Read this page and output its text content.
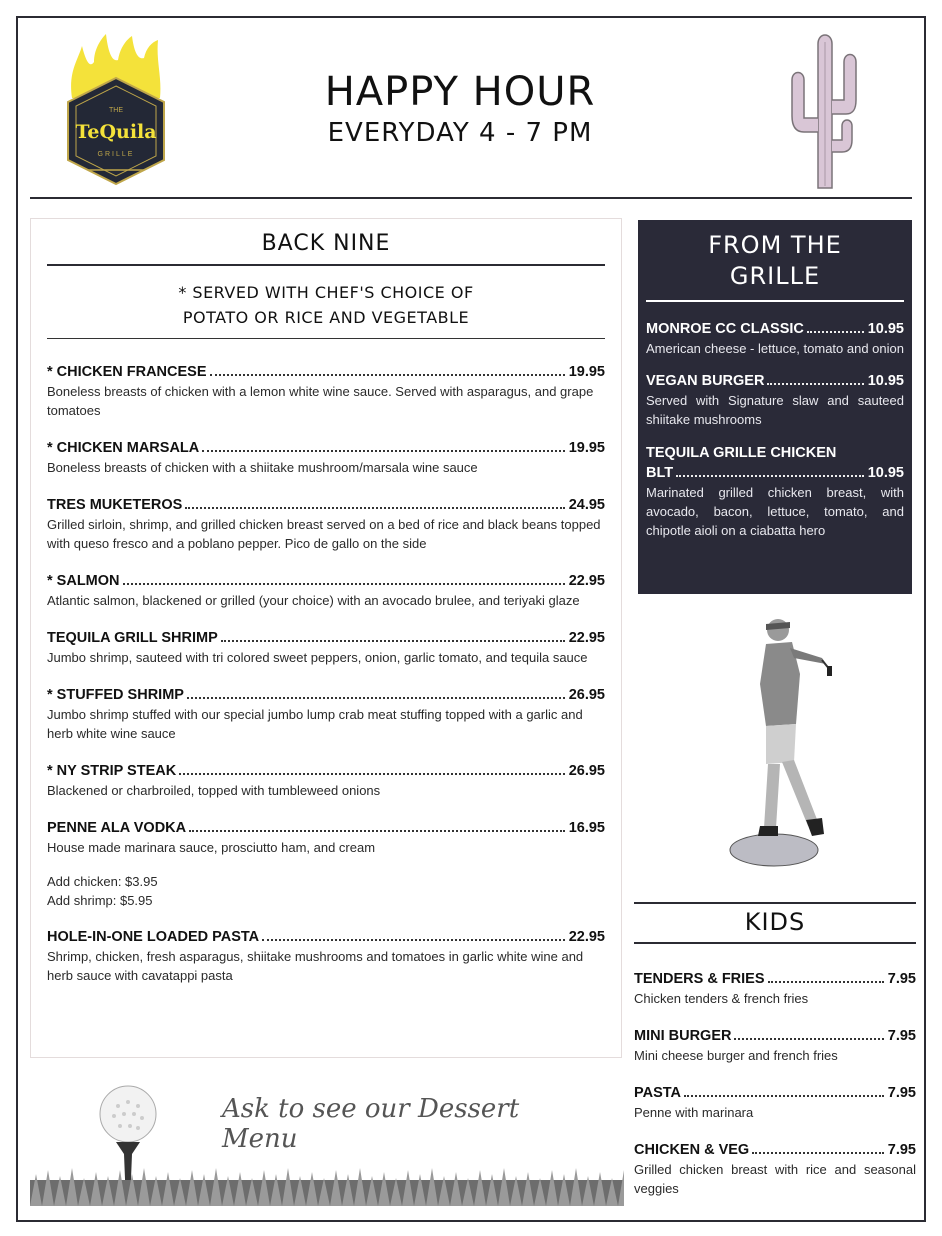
THE
TeQuila
GRILLE
HAPPY HOUR
EVERYDAY 4 - 7 PM
BACK NINE
* SERVED WITH CHEF'S CHOICE OF
POTATO OR RICE AND VEGETABLE
* CHICKEN FRANCESE	19.95
Boneless breasts of chicken with a lemon white wine sauce. Served with asparagus, and grape tomatoes
* CHICKEN MARSALA	19.95
Boneless breasts of chicken with a shiitake mushroom/marsala wine sauce
TRES MUKETEROS	24.95
Grilled sirloin, shrimp, and grilled chicken breast served on a bed of rice and black beans topped with queso fresco and a poblano pepper. Pico de gallo on the side
* SALMON	22.95
Atlantic salmon, blackened or grilled (your choice) with an avocado brulee, and teriyaki glaze
TEQUILA GRILL SHRIMP	22.95
Jumbo shrimp, sauteed with tri colored sweet peppers, onion, garlic tomato, and tequila sauce
* STUFFED SHRIMP	26.95
Jumbo shrimp stuffed with our special jumbo lump crab meat stuffing topped with a garlic and herb white wine sauce
* NY STRIP STEAK	26.95
Blackened or charbroiled, topped with tumbleweed onions
PENNE ALA VODKA	16.95
House made marinara sauce, prosciutto ham, and cream
Add chicken: $3.95
Add shrimp: $5.95
HOLE-IN-ONE LOADED PASTA	22.95
Shrimp, chicken, fresh asparagus, shiitake mushrooms and tomatoes in garlic white wine and herb sauce with cavatappi pasta
Ask to see our Dessert Menu
FROM THE
GRILLE
MONROE CC CLASSIC	10.95
American cheese - lettuce, tomato and onion
VEGAN BURGER	10.95
Served with Signature slaw and sauteed shiitake mushrooms
TEQUILA GRILLE CHICKEN
BLT	10.95
Marinated grilled chicken breast, with avocado, bacon, lettuce, tomato, and chipotle aioli on a ciabatta hero
KIDS
TENDERS & FRIES	7.95
Chicken tenders & french fries
MINI BURGER	7.95
Mini cheese burger and french fries
PASTA	7.95
Penne with marinara
CHICKEN & VEG	7.95
Grilled chicken breast with rice and seasonal veggies
